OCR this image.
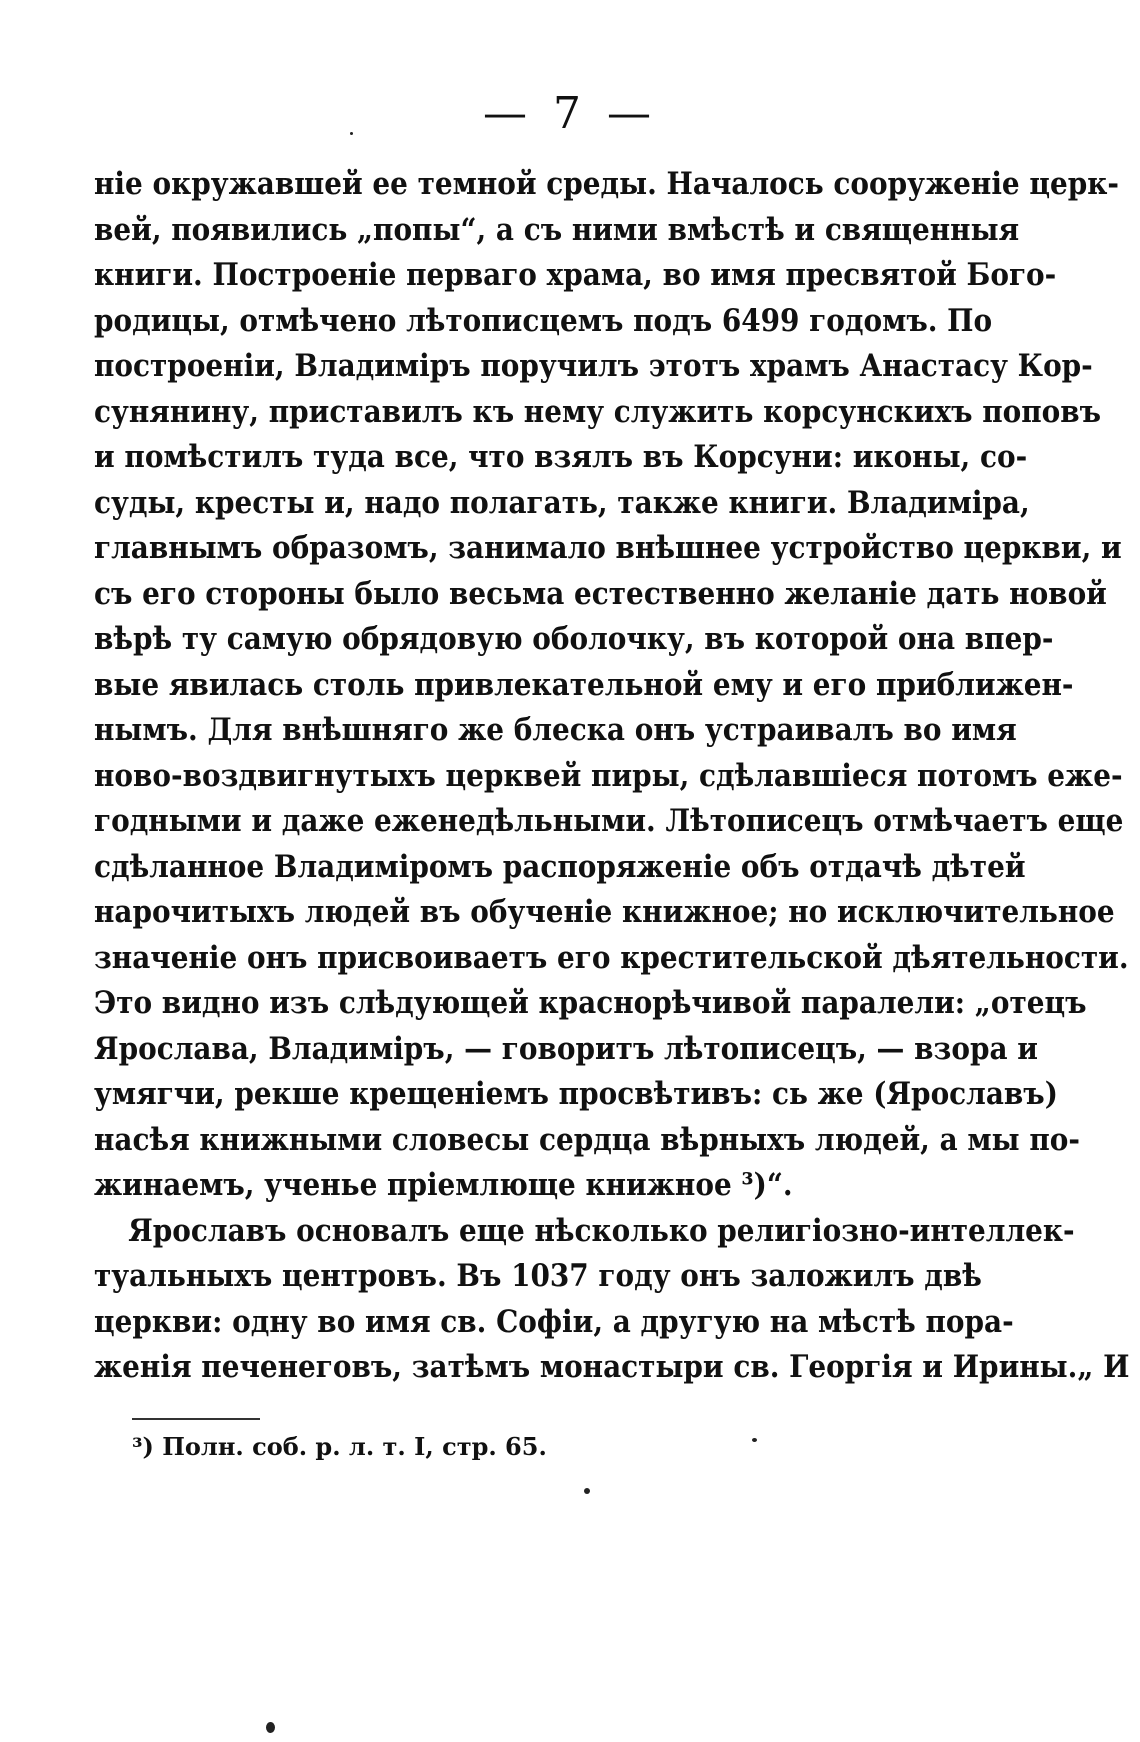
— 7 —
ніе окружавшей ее темной среды. Началось сооруженіе церк-
вей, появились „попы“, а съ ними вмѣстѣ и священныя
книги. Построеніе перваго храма, во имя пресвятой Бого-
родицы, отмѣчено лѣтописцемъ подъ 6499 годомъ. По
построеніи, Владиміръ поручилъ этотъ храмъ Анастасу Кор-
сунянину, приставилъ къ нему служить корсунскихъ поповъ
и помѣстилъ туда все, что взялъ въ Корсуни: иконы, со-
суды, кресты и, надо полагать, также книги. Владиміра,
главнымъ образомъ, занимало внѣшнее устройство церкви, и
съ его стороны было весьма естественно желаніе дать новой
вѣрѣ ту самую обрядовую оболочку, въ которой она впер-
вые явилась столь привлекательной ему и его приближен-
нымъ. Для внѣшняго же блеска онъ устраивалъ во имя
ново-воздвигнутыхъ церквей пиры, сдѣлавшіеся потомъ еже-
годными и даже еженедѣльными. Лѣтописецъ отмѣчаетъ еще
сдѣланное Владиміромъ распоряженіе объ отдачѣ дѣтей
нарочитыхъ людей въ обученіе книжное; но исключительное
значеніе онъ присвоиваетъ его крестительской дѣятельности.
Это видно изъ слѣдующей краснорѣчивой паралели: „отецъ
Ярослава, Владиміръ, — говоритъ лѣтописецъ, — взора и
умягчи, рекше крещеніемъ просвѣтивъ: сь же (Ярославъ)
насѣя книжными словесы сердца вѣрныхъ людей, а мы по-
жинаемъ, ученье пріемлюще книжное ³)“.
Ярославъ основалъ еще нѣсколько религіозно-интеллек-
туальныхъ центровъ. Въ 1037 году онъ заложилъ двѣ
церкви: одну во имя св. Софіи, а другую на мѣстѣ пора-
женія печенеговъ, затѣмъ монастыри св. Георгія и Ирины.„ И
³) Полн. соб. р. л. т. I, стр. 65.
